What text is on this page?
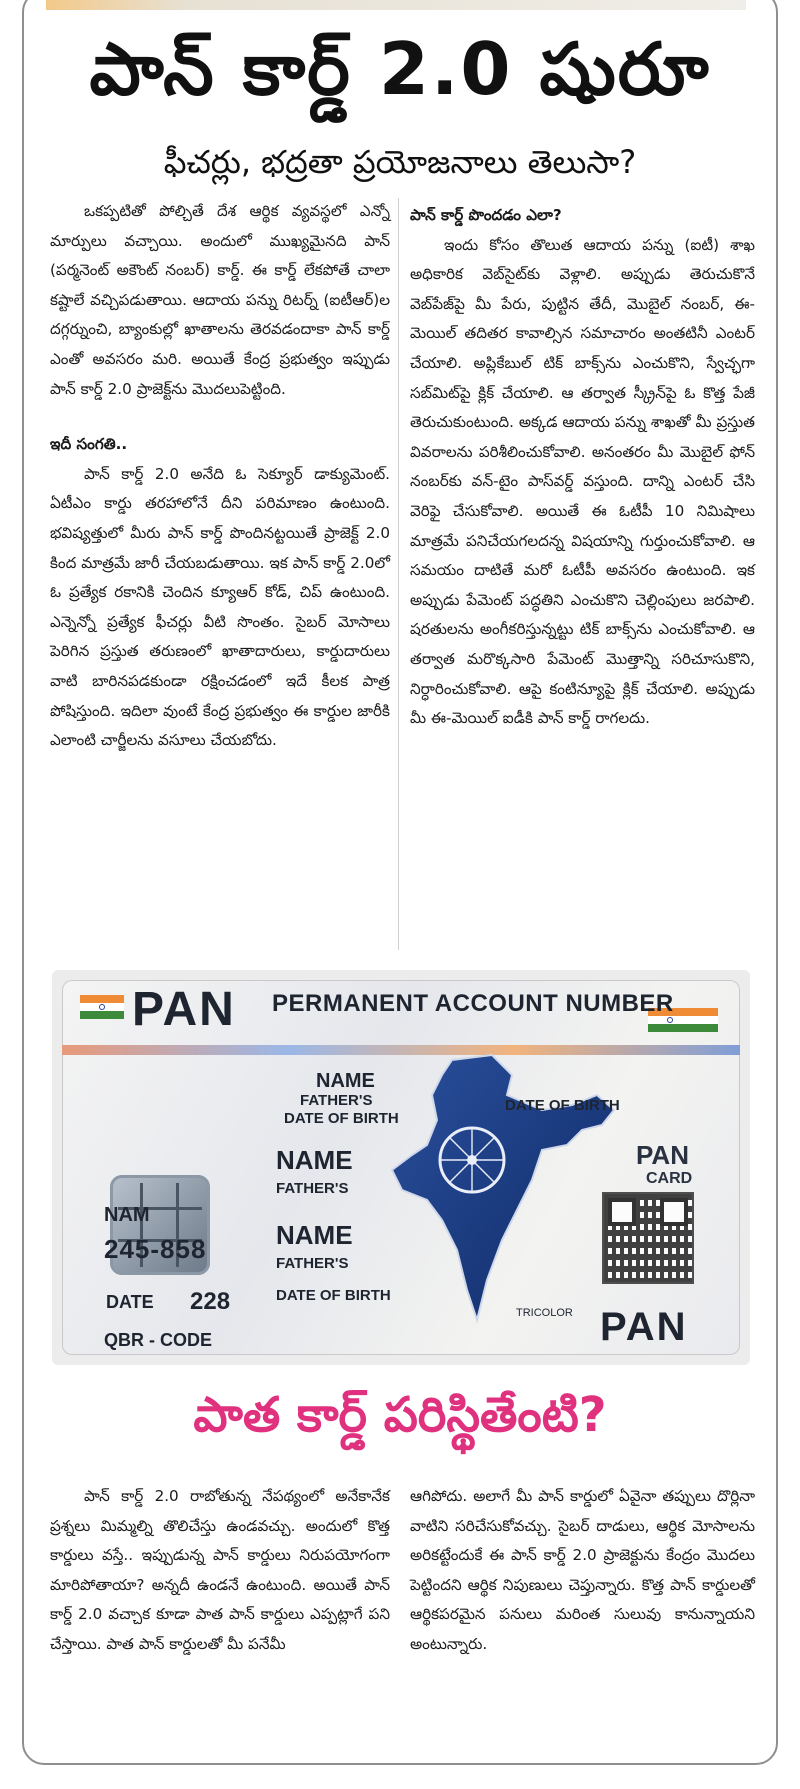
పాన్ కార్డ్ 2.0 షురూ
ఫీచర్లు, భద్రతా ప్రయోజనాలు తెలుసా?

ఒకప్పటితో పోల్చితే దేశ ఆర్థిక వ్యవస్థలో ఎన్నో మార్పులు వచ్చాయి. అందులో ముఖ్యమైనది పాన్ (పర్మనెంట్ అకౌంట్ నంబర్) కార్డ్. ఈ కార్డ్ లేకపోతే చాలా కష్టాలే వచ్చిపడుతాయి. ఆదాయ పన్ను రిటర్న్ (ఐటీఆర్)ల దగ్గర్నుంచి, బ్యాంకుల్లో ఖాతాలను తెరవడందాకా పాన్ కార్డ్ ఎంతో అవసరం మరి. అయితే కేంద్ర ప్రభుత్వం ఇప్పుడు పాన్ కార్డ్ 2.0 ప్రాజెక్ట్‌ను మొదలుపెట్టింది.

ఇదీ సంగతి..

పాన్ కార్డ్ 2.0 అనేది ఓ సెక్యూర్ డాక్యుమెంట్. ఏటీఎం కార్డు తరహాలోనే దీని పరిమాణం ఉంటుంది. భవిష్యత్తులో మీరు పాన్ కార్డ్ పొందినట్టయితే ప్రాజెక్ట్ 2.0 కింద మాత్రమే జారీ చేయబడుతాయి. ఇక పాన్ కార్డ్ 2.0లో ఓ ప్రత్యేక రకానికి చెందిన క్యూఆర్ కోడ్, చిప్ ఉంటుంది. ఎన్నెన్నో ప్రత్యేక ఫీచర్లు వీటి సొంతం. సైబర్ మోసాలు పెరిగిన ప్రస్తుత తరుణంలో ఖాతాదారులు, కార్డుదారులు వాటి బారినపడకుండా రక్షించడంలో ఇదే కీలక పాత్ర పోషిస్తుంది. ఇదిలా వుంటే కేంద్ర ప్రభుత్వం ఈ కార్డుల జారీకి ఎలాంటి చార్జీలను వసూలు చేయబోదు.

పాన్ కార్డ్ పొందడం ఎలా?

ఇందు కోసం తొలుత ఆదాయ పన్ను (ఐటీ) శాఖ అధికారిక వెబ్‌సైట్‌కు వెళ్లాలి. అప్పుడు తెరుచుకొనే వెబ్‌పేజ్‌పై మీ పేరు, పుట్టిన తేదీ, మొబైల్ నంబర్, ఈ-మెయిల్ తదితర కావాల్సిన సమాచారం అంతటినీ ఎంటర్ చేయాలి. అప్లికేబుల్ టిక్ బాక్స్‌ను ఎంచుకొని, స్వేచ్ఛగా సబ్‌మిట్‌పై క్లిక్ చేయాలి. ఆ తర్వాత స్క్రీన్‌పై ఓ కొత్త పేజీ తెరుచుకుంటుంది. అక్కడ ఆదాయ పన్ను శాఖతో మీ ప్రస్తుత వివరాలను పరిశీలించుకోవాలి. అనంతరం మీ మొబైల్ ఫోన్ నంబర్‌కు వన్-టైం పాస్‌వర్డ్ వస్తుంది. దాన్ని ఎంటర్ చేసి వెరిఫై చేసుకోవాలి. అయితే ఈ ఓటీపీ 10 నిమిషాలు మాత్రమే పనిచేయగలదన్న విషయాన్ని గుర్తుంచుకోవాలి. ఆ సమయం దాటితే మరో ఓటీపీ అవసరం ఉంటుంది. ఇక అప్పుడు పేమెంట్ పద్ధతిని ఎంచుకొని చెల్లింపులు జరపాలి. షరతులను అంగీకరిస్తున్నట్టు టిక్ బాక్స్‌ను ఎంచుకోవాలి. ఆ తర్వాత మరొక్కసారి పేమెంట్ మొత్తాన్ని సరిచూసుకొని, నిర్ధారించుకోవాలి. ఆపై కంటిన్యూపై క్లిక్ చేయాలి. అప్పుడు మీ ఈ-మెయిల్ ఐడీకి పాన్ కార్డ్ రాగలదు.

PAN PERMANENT ACCOUNT NUMBER
NAME
FATHER'S
DATE OF BIRTH
DATE OF BIRTH
NAME
FATHER'S
PAN
CARD
NAM
245-858	NAME
FATHER'S
DATE OF BIRTH
DATE 228
QBR - CODE
TRICOLOR PAN
పాత కార్డ్ పరిస్థితేంటి?

పాన్ కార్డ్ 2.0 రాబోతున్న నేపథ్యంలో అనేకానేక ప్రశ్నలు మిమ్మల్ని తొలిచేస్తు ఉండవచ్చు. అందులో కొత్త కార్డులు వస్తే.. ఇప్పుడున్న పాన్ కార్డులు నిరుపయోగంగా మారిపోతాయా? అన్నదీ ఉండనే ఉంటుంది. అయితే పాన్ కార్డ్ 2.0 వచ్చాక కూడా పాత పాన్ కార్డులు ఎప్పట్లాగే పని చేస్తాయి. పాత పాన్ కార్డులతో మీ పనేమీ

ఆగిపోదు. అలాగే మీ పాన్ కార్డులో ఏవైనా తప్పులు దొర్లినా వాటిని సరిచేసుకోవచ్చు. సైబర్ దాడులు, ఆర్థిక మోసాలను అరికట్టేందుకే ఈ పాన్ కార్డ్ 2.0 ప్రాజెక్టును కేంద్రం మొదలు పెట్టిందని ఆర్థిక నిపుణులు చెప్తున్నారు. కొత్త పాన్ కార్డులతో ఆర్థికపరమైన పనులు మరింత సులువు కానున్నాయని అంటున్నారు.
